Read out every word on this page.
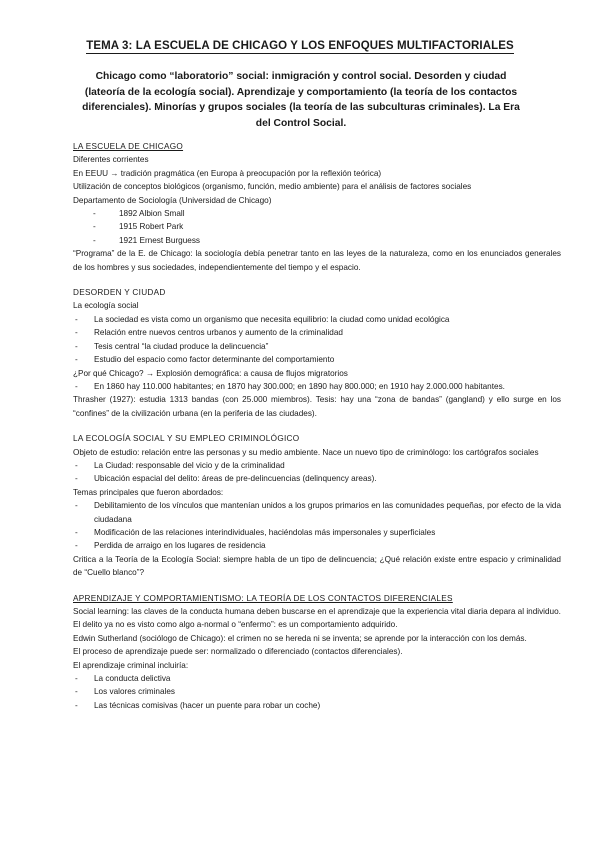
TEMA 3: LA ESCUELA DE CHICAGO Y LOS ENFOQUES MULTIFACTORIALES
Chicago como “laboratorio” social: inmigración y control social. Desorden y ciudad (lateoría de la ecología social). Aprendizaje y comportamiento (la teoría de los contactos diferenciales). Minorías y grupos sociales (la teoría de las subculturas criminales). La Era del Control Social.

LA ESCUELA DE CHICAGO

Diferentes corrientes

En EEUU → tradición pragmática (en Europa à preocupación por la reflexión teórica)

Utilización de conceptos biológicos (organismo, función, medio ambiente) para el análisis de factores sociales

Departamento de Sociología (Universidad de Chicago)

- 1892 Albion Small

- 1915 Robert Park

- 1921 Ernest Burguess

“Programa” de la E. de Chicago: la sociología debía penetrar tanto en las leyes de la naturaleza, como en los enunciados generales de los hombres y sus sociedades, independientemente del tiempo y el espacio.

DESORDEN Y CIUDAD

La ecología social

- La sociedad es vista como un organismo que necesita equilibrio: la ciudad como unidad ecológica

- Relación entre nuevos centros urbanos y aumento de la criminalidad

- Tesis central “la ciudad produce la delincuencia”

- Estudio del espacio como factor determinante del comportamiento

¿Por qué Chicago? → Explosión demográfica: a causa de flujos migratorios

- En 1860 hay 110.000 habitantes; en 1870 hay 300.000; en 1890 hay 800.000; en 1910 hay 2.000.000 habitantes.

Thrasher (1927): estudia 1313 bandas (con 25.000 miembros). Tesis: hay una “zona de bandas” (gangland) y ello surge en los “confines” de la civilización urbana (en la periferia de las ciudades).

LA ECOLOGÍA SOCIAL Y SU EMPLEO CRIMINOLÓGICO

Objeto de estudio: relación entre las personas y su medio ambiente. Nace un nuevo tipo de criminólogo: los cartógrafos sociales

- La Ciudad: responsable del vicio y de la criminalidad

- Ubicación espacial del delito: áreas de pre-delincuencias (delinquency areas).

Temas principales que fueron abordados:

- Debilitamiento de los vínculos que mantenían unidos a los grupos primarios en las comunidades pequeñas, por efecto de la vida ciudadana

- Modificación de las relaciones interindividuales, haciéndolas más impersonales y superficiales

- Perdida de arraigo en los lugares de residencia

Critica a la Teoría de la Ecología Social: siempre habla de un tipo de delincuencia; ¿Qué relación existe entre espacio y criminalidad de “Cuello blanco”?

APRENDIZAJE Y COMPORTAMIENTISMO: LA TEORÍA DE LOS CONTACTOS DIFERENCIALES

Social learning: las claves de la conducta humana deben buscarse en el aprendizaje que la experiencia vital diaria depara al individuo.

El delito ya no es visto como algo a-normal o “enfermo”: es un comportamiento adquirido.

Edwin Sutherland (sociólogo de Chicago): el crimen no se hereda ni se inventa; se aprende por la interacción con los demás.

El proceso de aprendizaje puede ser: normalizado o diferenciado (contactos diferenciales).

El aprendizaje criminal incluiría:

- La conducta delictiva

- Los valores criminales

- Las técnicas comisivas (hacer un puente para robar un coche)
